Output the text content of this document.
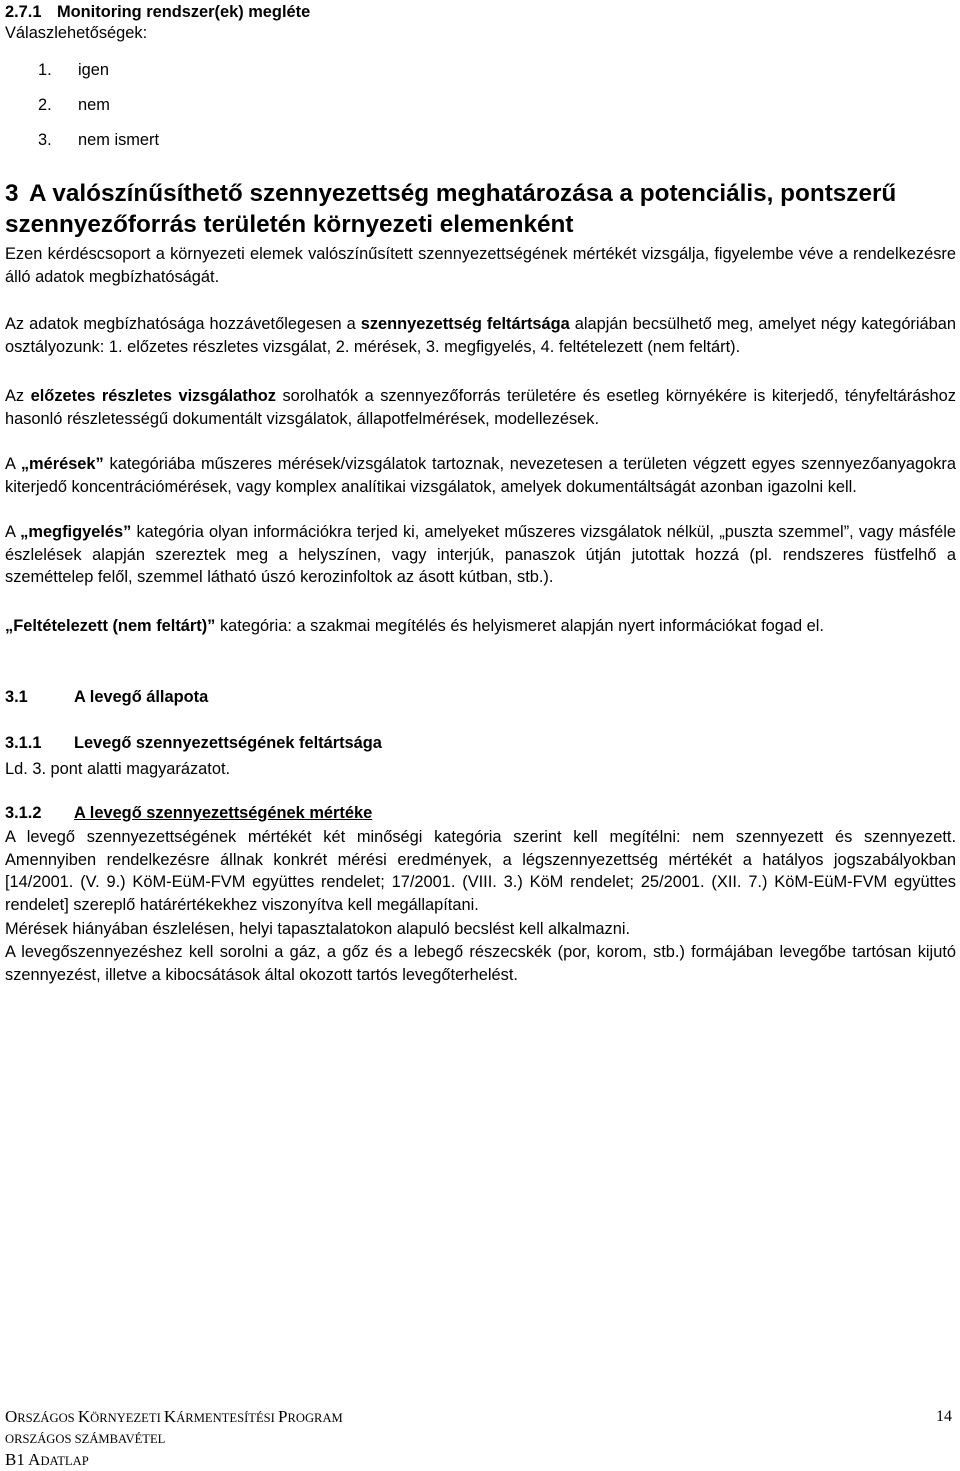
2.7.1 Monitoring rendszer(ek) megléte
Válaszlehetőségek:
1. igen
2. nem
3. nem ismert
3 A valószínűsíthető szennyezettség meghatározása a potenciális, pontszerű szennyezőforrás területén környezeti elemenként
Ezen kérdéscsoport a környezeti elemek valószínűsített szennyezettségének mértékét vizsgálja, figyelembe véve a rendelkezésre álló adatok megbízhatóságát.
Az adatok megbízhatósága hozzávetőlegesen a szennyezettség feltártsága alapján becsülhető meg, amelyet négy kategóriában osztályozunk: 1. előzetes részletes vizsgálat, 2. mérések, 3. megfigyelés, 4. feltételezett (nem feltárt).
Az előzetes részletes vizsgálathoz sorolhatók a szennyezőforrás területére és esetleg környékére is kiterjedő, tényfeltáráshoz hasonló részletességű dokumentált vizsgálatok, állapotfelmérések, modellezések.
A „mérések” kategóriába műszeres mérések/vizsgálatok tartoznak, nevezetesen a területen végzett egyes szennyezőanyagokra kiterjedő koncentrációmérések, vagy komplex analítikai vizsgálatok, amelyek dokumentáltságát azonban igazolni kell.
A „megfigyelés” kategória olyan információkra terjed ki, amelyeket műszeres vizsgálatok nélkül, „puszta szemmel”, vagy másféle észlelések alapján szereztek meg a helyszínen, vagy interjúk, panaszok útján jutottak hozzá (pl. rendszeres füstfelhő a szeméttelep felől, szemmel látható úszó kerozinfoltok az ásott kútban, stb.).
„Feltételezett (nem feltárt)” kategória: a szakmai megítélés és helyismeret alapján nyert információkat fogad el.
3.1	A levegő állapota
3.1.1 Levegő szennyezettségének feltártsága
Ld. 3. pont alatti magyarázatot.
3.1.2 A levegő szennyezettségének mértéke
A levegő szennyezettségének mértékét két minőségi kategória szerint kell megítélni: nem szennyezett és szennyezett. Amennyiben rendelkezésre állnak konkrét mérési eredmények, a légszennyezettség mértékét a hatályos jogszabályokban [14/2001. (V. 9.) KöM-EüM-FVM együttes rendelet; 17/2001. (VIII. 3.) KöM rendelet; 25/2001. (XII. 7.) KöM-EüM-FVM együttes rendelet] szereplő határértékekhez viszonyítva kell megállapítani.
Mérések hiányában észlelésen, helyi tapasztalatokon alapuló becslést kell alkalmazni.
A levegőszennyezéshez kell sorolni a gáz, a gőz és a lebegő részecskék (por, korom, stb.) formájában levegőbe tartósan kijutó szennyezést, illetve a kibocsátások által okozott tartós levegőterhelést.
ORSZÁGOS KÖRNYEZETI KÁRMENTESÍTÉSI PROGRAM
ORSZÁGOS SZÁMBAVÉTEL
B1 ADATLAP
14
